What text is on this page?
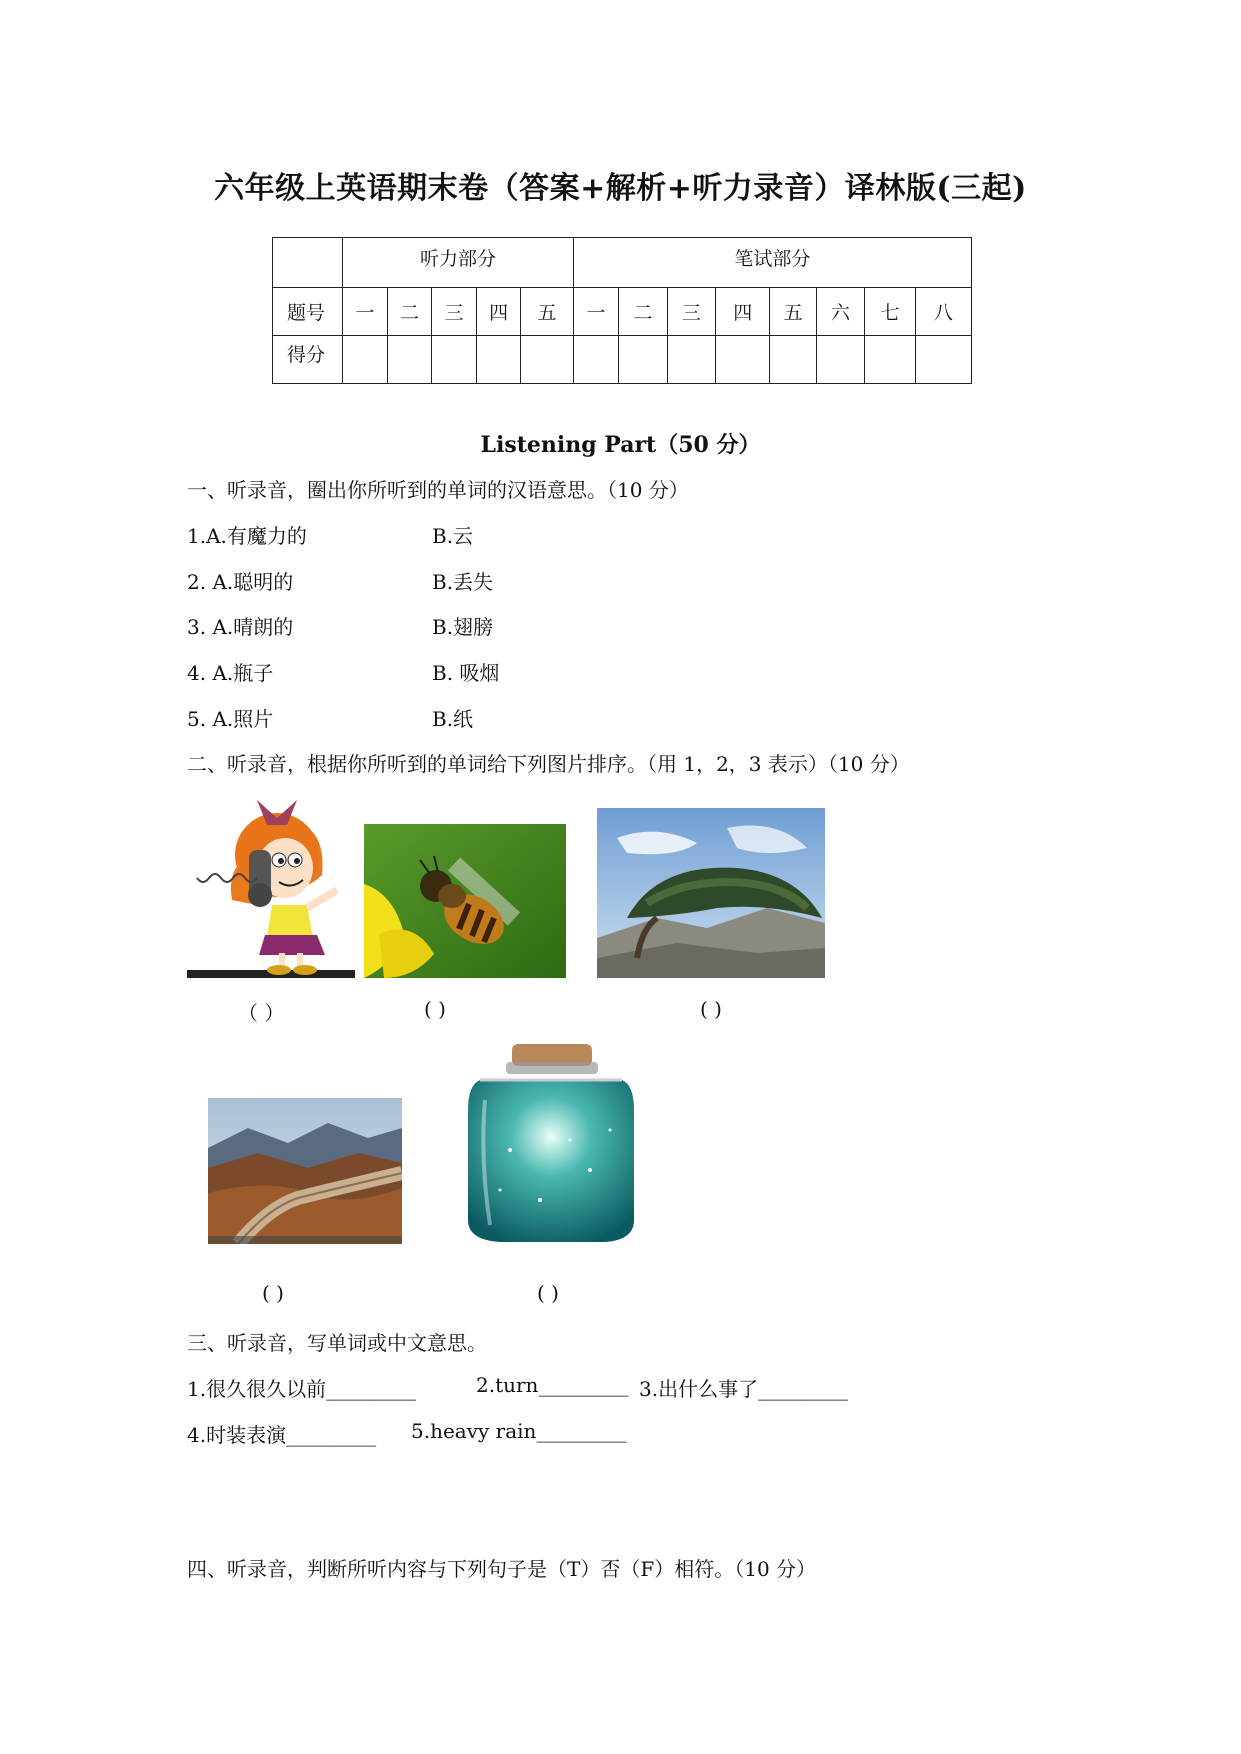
六年级上英语期末卷（答案+解析+听力录音）译林版(三起)
	听力部分					笔试部分							
题号	一	二	三	四	五	一	二	三	四	五	六	七	八
得分													
Listening Part（50 分）
一、听录音，圈出你所听到的单词的汉语意思。（10 分）
1.A.有魔力的	B.云
2. A.聪明的	B.丢失
3. A.晴朗的	B.翅膀
4. A.瓶子	B. 吸烟
5. A.照片	B.纸
二、听录音，根据你所听到的单词给下列图片排序。（用 1，2，3 表示）（10 分）
（ ）	( )	( )
( )	( )
三、听录音，写单词或中文意思。
1.很久很久以前_________	2.turn_________ 3.出什么事了_________
4.时装表演_________ 5.heavy rain_________
四、听录音，判断所听内容与下列句子是（T）否（F）相符。（10 分）
